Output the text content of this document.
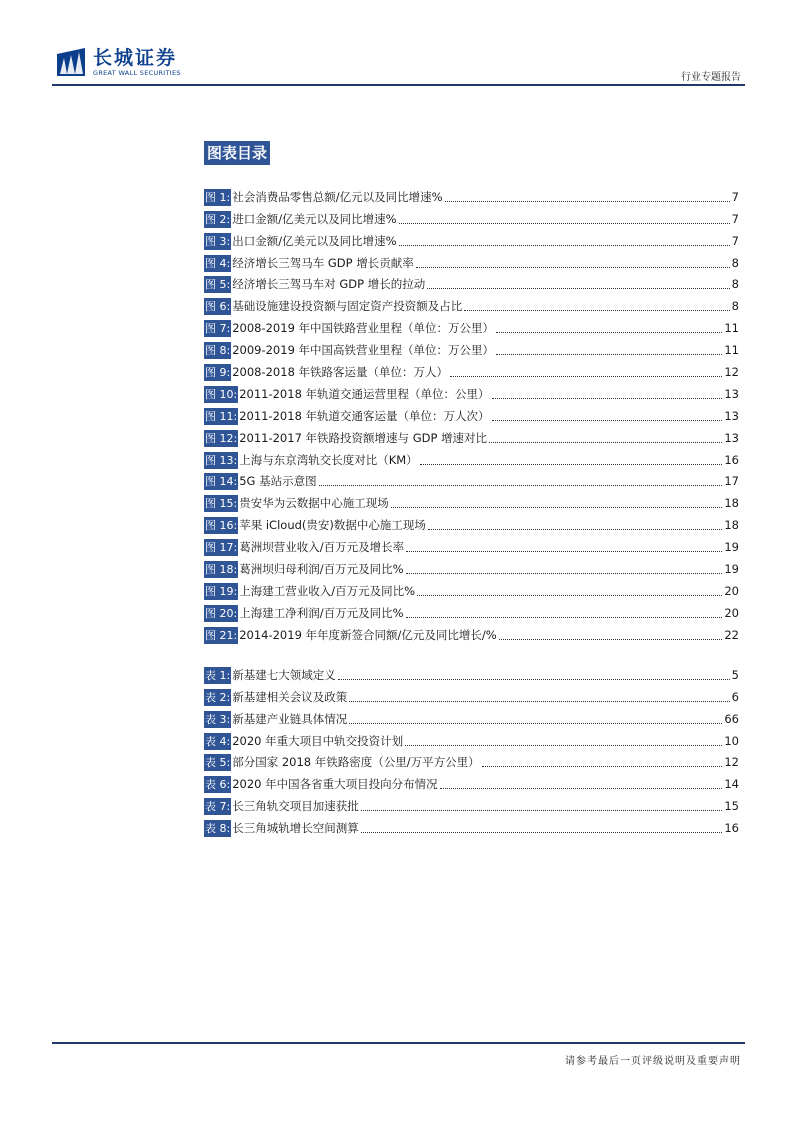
长城证券
GREAT WALL SECURITIES	行业专题报告
图表目录
图 1: 社会消费品零售总额/亿元以及同比增速%	7
图 2: 进口金额/亿美元以及同比增速%	7
图 3: 出口金额/亿美元以及同比增速%	7
图 4: 经济增长三驾马车 GDP 增长贡献率	8
图 5: 经济增长三驾马车对 GDP 增长的拉动	8
图 6: 基础设施建设投资额与固定资产投资额及占比	8
图 7: 2008-2019 年中国铁路营业里程（单位：万公里）	11
图 8: 2009-2019 年中国高铁营业里程（单位：万公里）	11
图 9: 2008-2018 年铁路客运量（单位：万人）	12
图 10: 2011-2018 年轨道交通运营里程（单位：公里）	13
图 11: 2011-2018 年轨道交通客运量（单位：万人次）	13
图 12: 2011-2017 年铁路投资额增速与 GDP 增速对比	13
图 13: 上海与东京湾轨交长度对比（KM）	16
图 14: 5G 基站示意图	17
图 15: 贵安华为云数据中心施工现场	18
图 16: 苹果 iCloud(贵安)数据中心施工现场	18
图 17: 葛洲坝营业收入/百万元及增长率	19
图 18: 葛洲坝归母利润/百万元及同比%	19
图 19: 上海建工营业收入/百万元及同比%	20
图 20: 上海建工净利润/百万元及同比%	20
图 21: 2014-2019 年年度新签合同额/亿元及同比增长/%	22
表 1: 新基建七大领域定义	5
表 2: 新基建相关会议及政策	6
表 3: 新基建产业链具体情况	66
表 4: 2020 年重大项目中轨交投资计划	10
表 5: 部分国家 2018 年铁路密度（公里/万平方公里）	12
表 6: 2020 年中国各省重大项目投向分布情况	14
表 7: 长三角轨交项目加速获批	15
表 8: 长三角城轨增长空间测算	16
请参考最后一页评级说明及重要声明
